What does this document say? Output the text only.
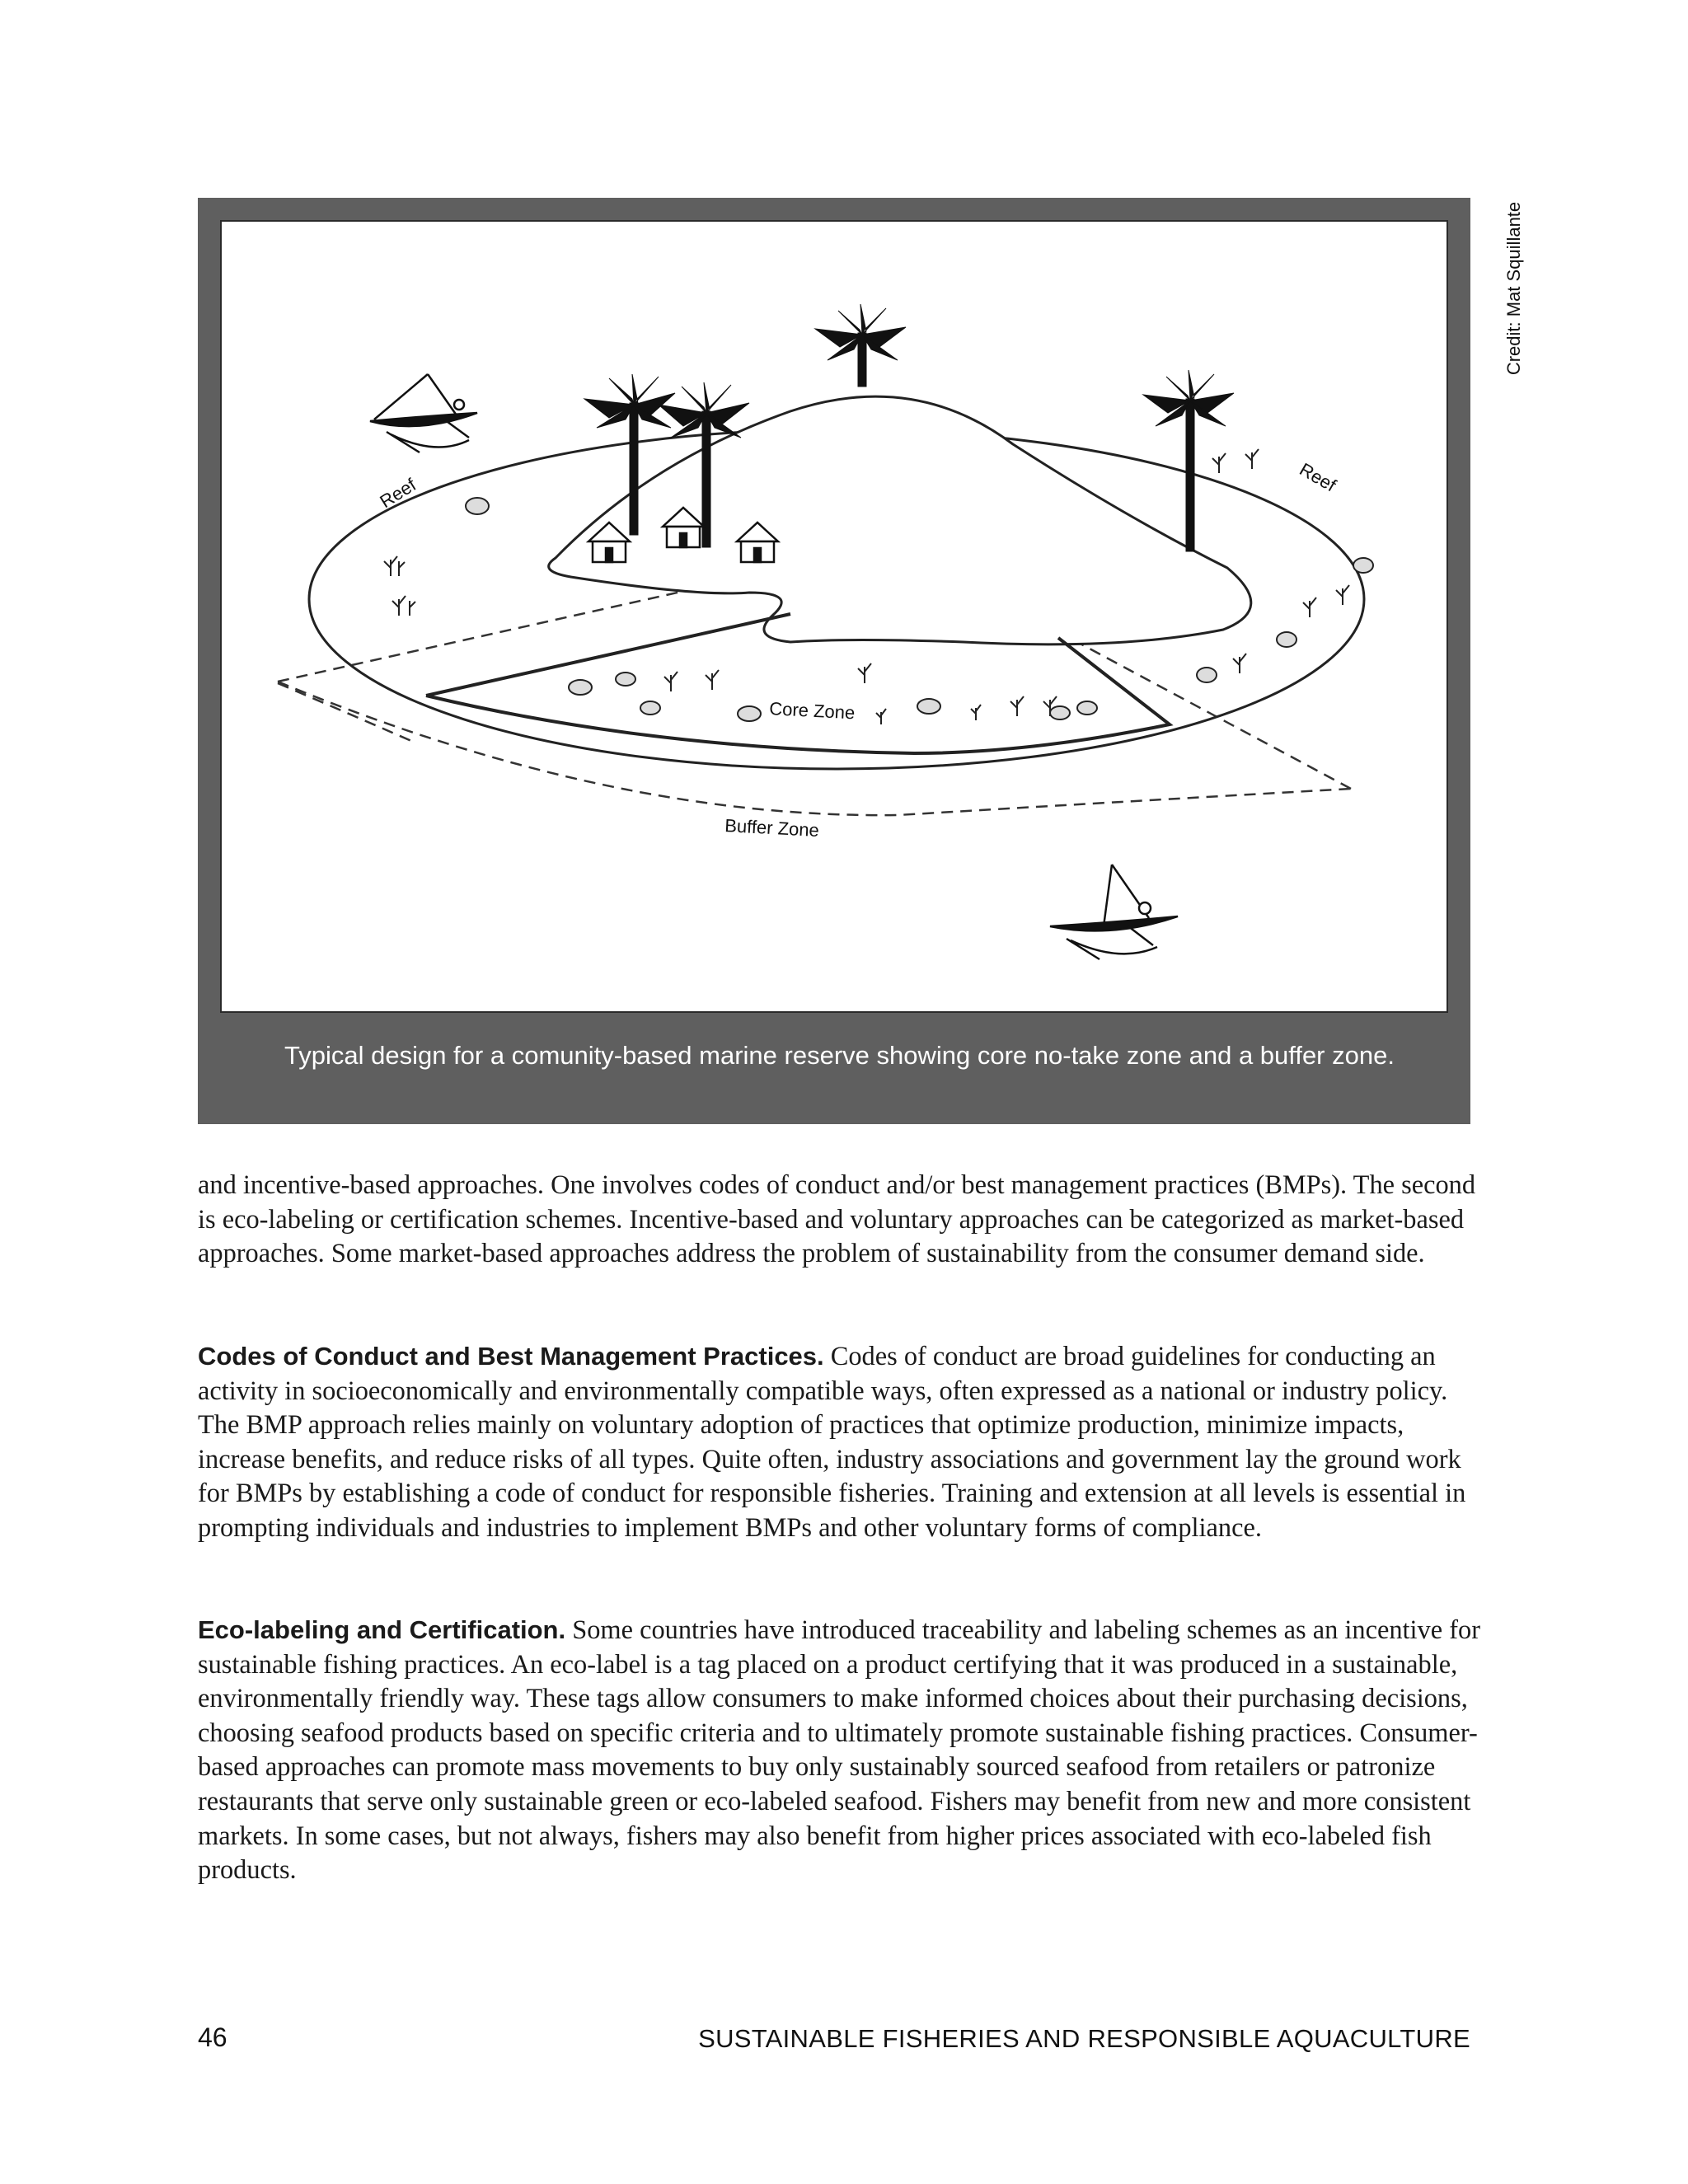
Reef	Reef
Core Zone
Buffer Zone
Typical design for a comunity-based marine reserve showing core no-take zone and a buffer zone.
Credit: Mat Squillante

and incentive-based approaches. One involves codes of conduct and/or best management practices (BMPs). The second is eco-labeling or certification schemes. Incentive-based and voluntary approaches can be categorized as market-based approaches. Some market-based approaches address the problem of sustainability from the consumer demand side.

Codes of Conduct and Best Management Practices. Codes of conduct are broad guidelines for conducting an activity in socioeconomically and environmentally compatible ways, often expressed as a national or industry policy. The BMP approach relies mainly on voluntary adoption of practices that optimize production, minimize impacts, increase benefits, and reduce risks of all types. Quite often, industry associations and government lay the ground work for BMPs by establishing a code of conduct for responsible fisheries. Training and extension at all levels is essential in prompting individuals and industries to implement BMPs and other voluntary forms of compliance.

Eco-labeling and Certification. Some countries have introduced traceability and labeling schemes as an incentive for sustainable fishing practices. An eco-label is a tag placed on a product certifying that it was produced in a sustainable, environmentally friendly way. These tags allow consumers to make informed choices about their purchasing decisions, choosing seafood products based on specific criteria and to ultimately promote sustainable fishing practices. Consumer-based approaches can promote mass movements to buy only sustainably sourced seafood from retailers or patronize restaurants that serve only sustainable green or eco-labeled seafood. Fishers may benefit from new and more consistent markets. In some cases, but not always, fishers may also benefit from higher prices associated with eco-labeled fish products.

46	SUSTAINABLE FISHERIES AND RESPONSIBLE AQUACULTURE
